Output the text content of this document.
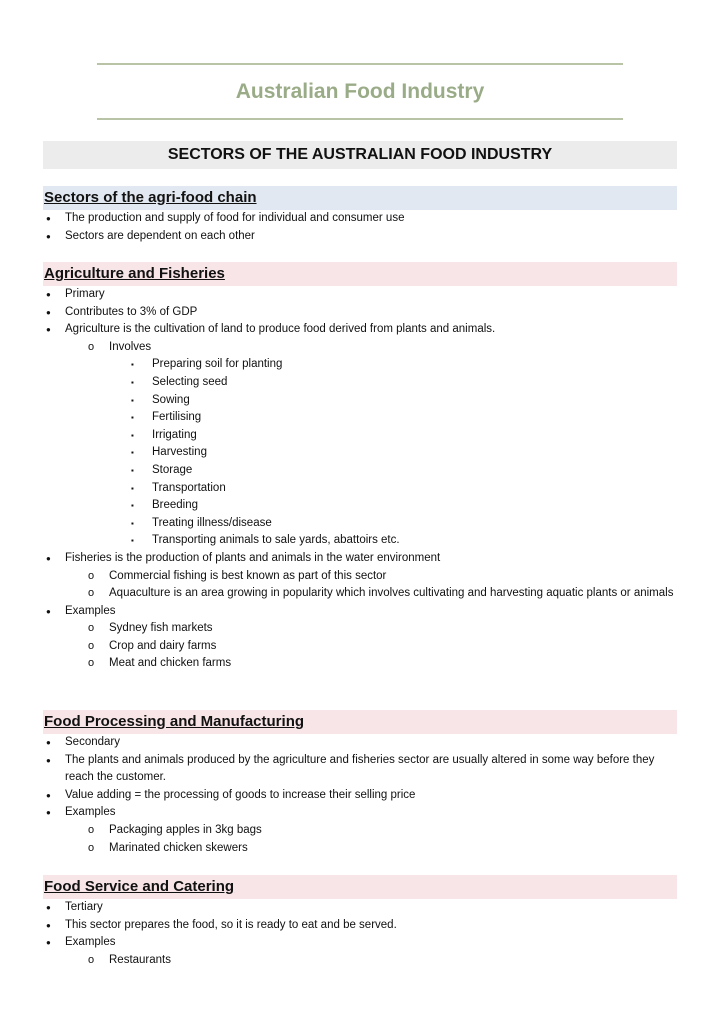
Australian Food Industry
SECTORS OF THE AUSTRALIAN FOOD INDUSTRY
Sectors of the agri-food chain
● The production and supply of food for individual and consumer use
● Sectors are dependent on each other
Agriculture and Fisheries
● Primary
● Contributes to 3% of GDP
● Agriculture is the cultivation of land to produce food derived from plants and animals.
o Involves
▪ Preparing soil for planting
▪ Selecting seed
▪ Sowing
▪ Fertilising
▪ Irrigating
▪ Harvesting
▪ Storage
▪ Transportation
▪ Breeding
▪ Treating illness/disease
▪ Transporting animals to sale yards, abattoirs etc.
● Fisheries is the production of plants and animals in the water environment
o Commercial fishing is best known as part of this sector
o Aquaculture is an area growing in popularity which involves cultivating and harvesting aquatic plants or animals
● Examples
o Sydney fish markets
o Crop and dairy farms
o Meat and chicken farms
Food Processing and Manufacturing
● Secondary
● The plants and animals produced by the agriculture and fisheries sector are usually altered in some way before they reach the customer.
● Value adding = the processing of goods to increase their selling price
● Examples
o Packaging apples in 3kg bags
o Marinated chicken skewers
Food Service and Catering
● Tertiary
● This sector prepares the food, so it is ready to eat and be served.
● Examples
o Restaurants
